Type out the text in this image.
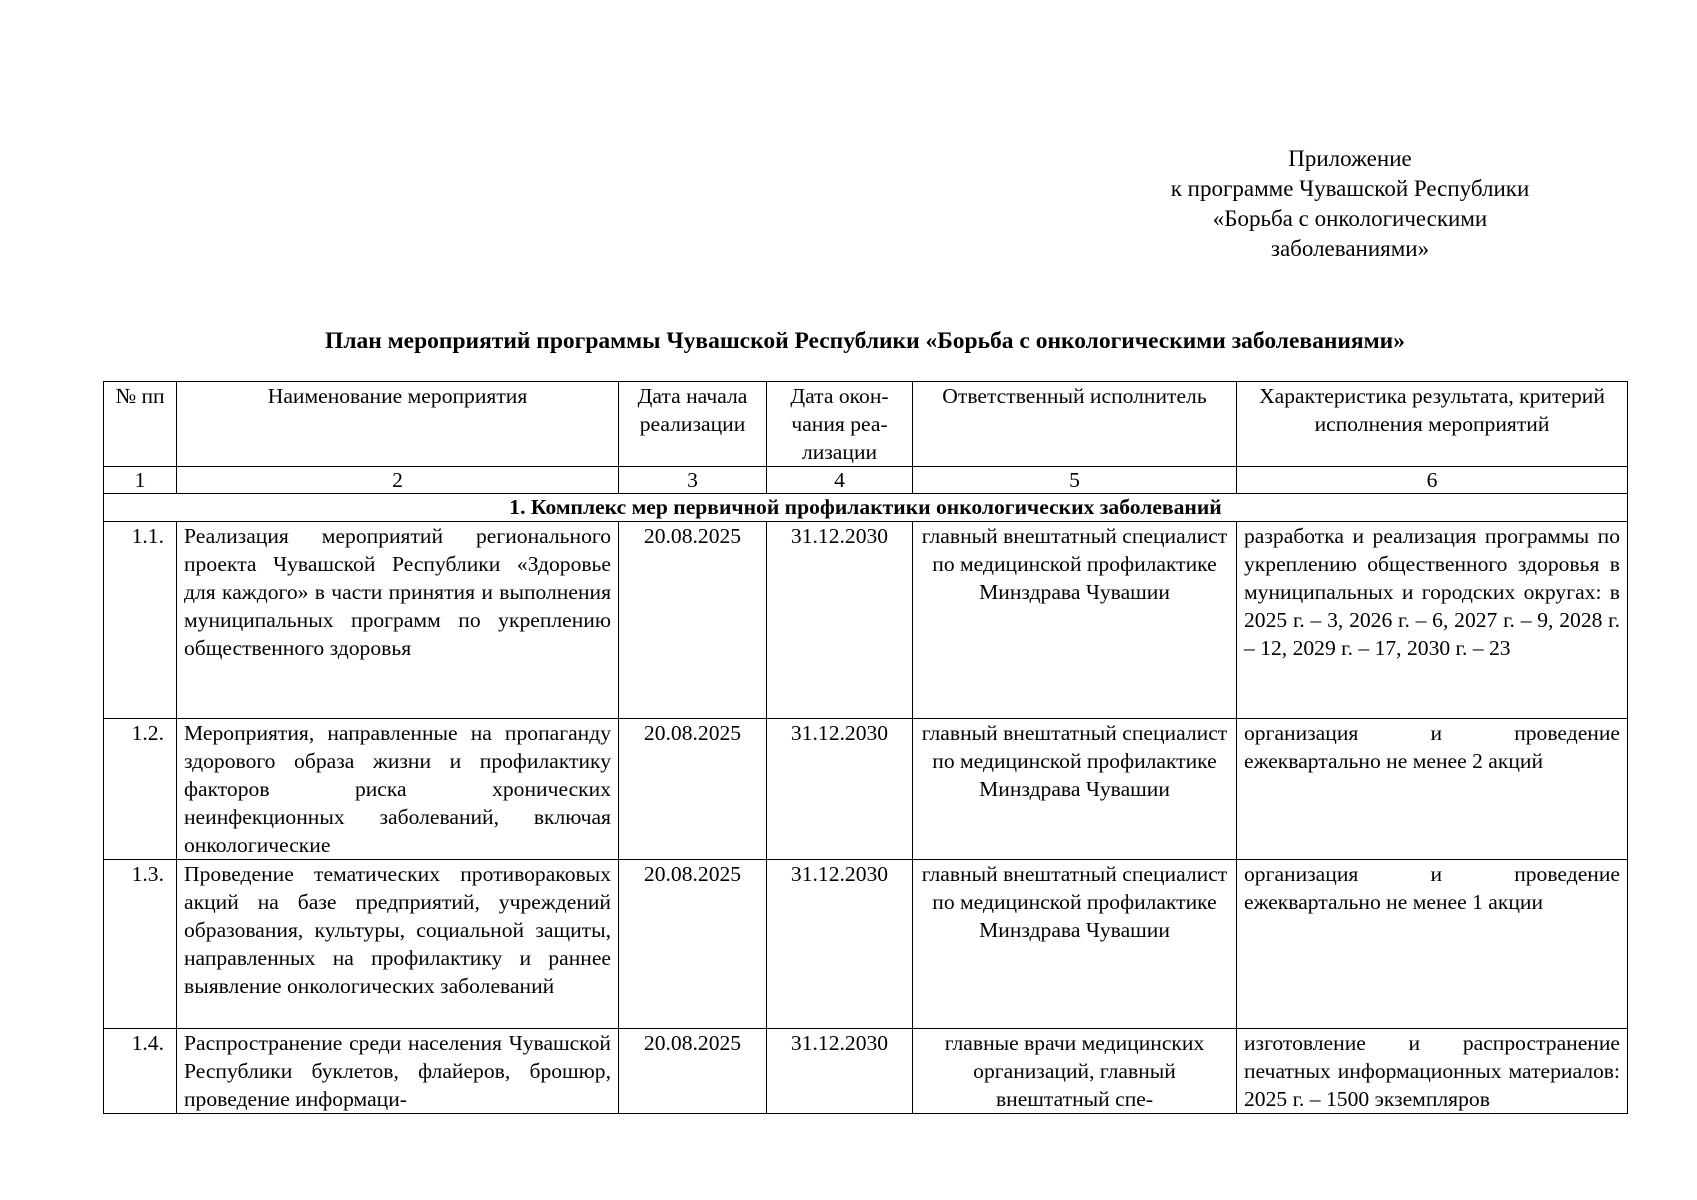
Приложение
к программе Чувашской Республики
«Борьба с онкологическими
заболеваниями»
План мероприятий программы Чувашской Республики «Борьба с онкологическими заболеваниями»
№ пп	Наименование мероприятия	Дата начала реализации	Дата окон-чания реа-лизации	Ответственный исполнитель	Характеристика результата, критерий исполнения мероприятий
1	2	3	4	5	6
1. Комплекс мер первичной профилактики онкологических заболеваний					
1.1.	Реализация мероприятий регионального проекта Чувашской Республики «Здоровье для каждого» в части принятия и выполнения муниципальных программ по укреплению общественного здоровья	20.08.2025	31.12.2030	главный внештатный специалист по медицинской профилактике Минздрава Чувашии	разработка и реализация программы по укреплению общественного здоровья в муниципальных и городских округах: в 2025 г. – 3, 2026 г. – 6, 2027 г. – 9, 2028 г. – 12, 2029 г. – 17, 2030 г. – 23
1.2.	Мероприятия, направленные на пропаганду здорового образа жизни и профилактику факторов риска хронических неинфекционных заболеваний, включая онкологические	20.08.2025	31.12.2030	главный внештатный специалист по медицинской профилактике Минздрава Чувашии	организация и проведение ежеквартально не менее 2 акций
1.3.	Проведение тематических противораковых акций на базе предприятий, учреждений образования, культуры, социальной защиты, направленных на профилактику и раннее выявление онкологических заболеваний	20.08.2025	31.12.2030	главный внештатный специалист по медицинской профилактике Минздрава Чувашии	организация и проведение ежеквартально не менее 1 акции
1.4.	Распространение среди населения Чувашской Республики буклетов, флайеров, брошюр, проведение информаци-	20.08.2025	31.12.2030	главные врачи медицинских организаций, главный внештатный спе-	изготовление и распространение печатных информационных материалов: 2025 г. – 1500 экземпляров
